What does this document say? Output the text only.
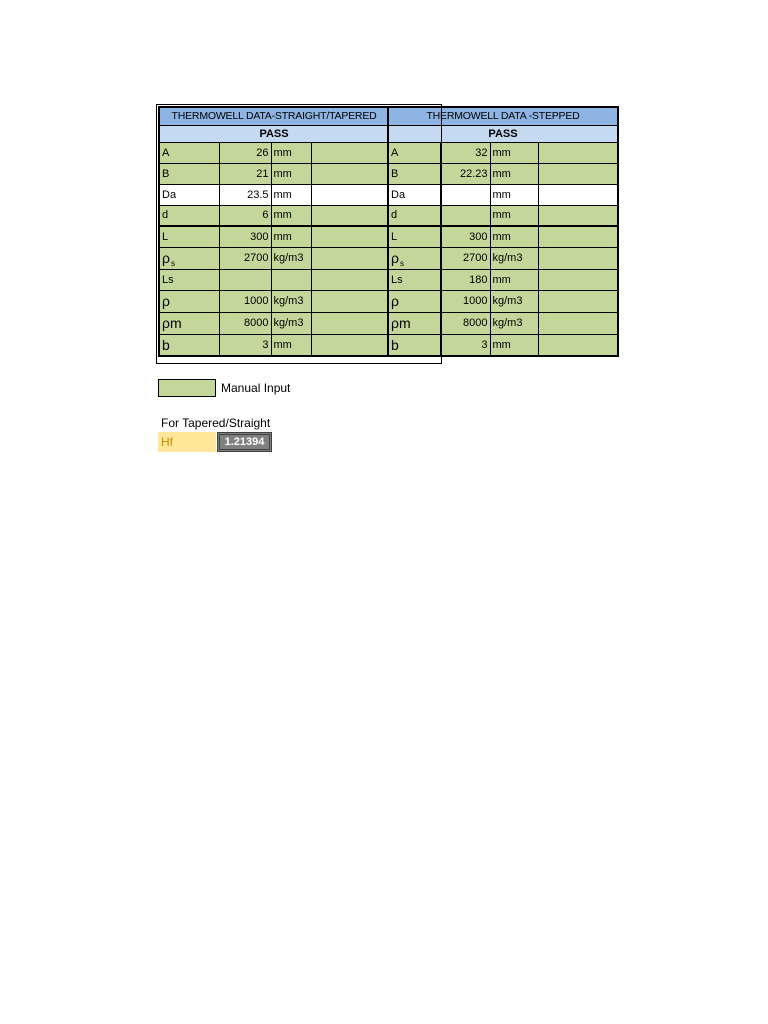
THERMOWELL DATA-STRAIGHT/TAPERED			
PASS			
A	26	mm	
B	21	mm	
Da	23.5	mm	
d	6	mm	
L	300	mm	
$\rho_s$	2700	kg/m3	
Ls			
ρ	1000	kg/m3	
ρm	8000	kg/m3	
b	3	mm	
THERMOWELL DATA -STEPPED			
PASS			
A	32	mm	
B	22.23	mm	
Da		mm	
d		mm	
L	300	mm	
$\rho_s$	2700	kg/m3	
Ls	180	mm	
ρ	1000	kg/m3	
ρm	8000	kg/m3	
b	3	mm	
Manual Input
For Tapered/Straight
Hf	1.21394
